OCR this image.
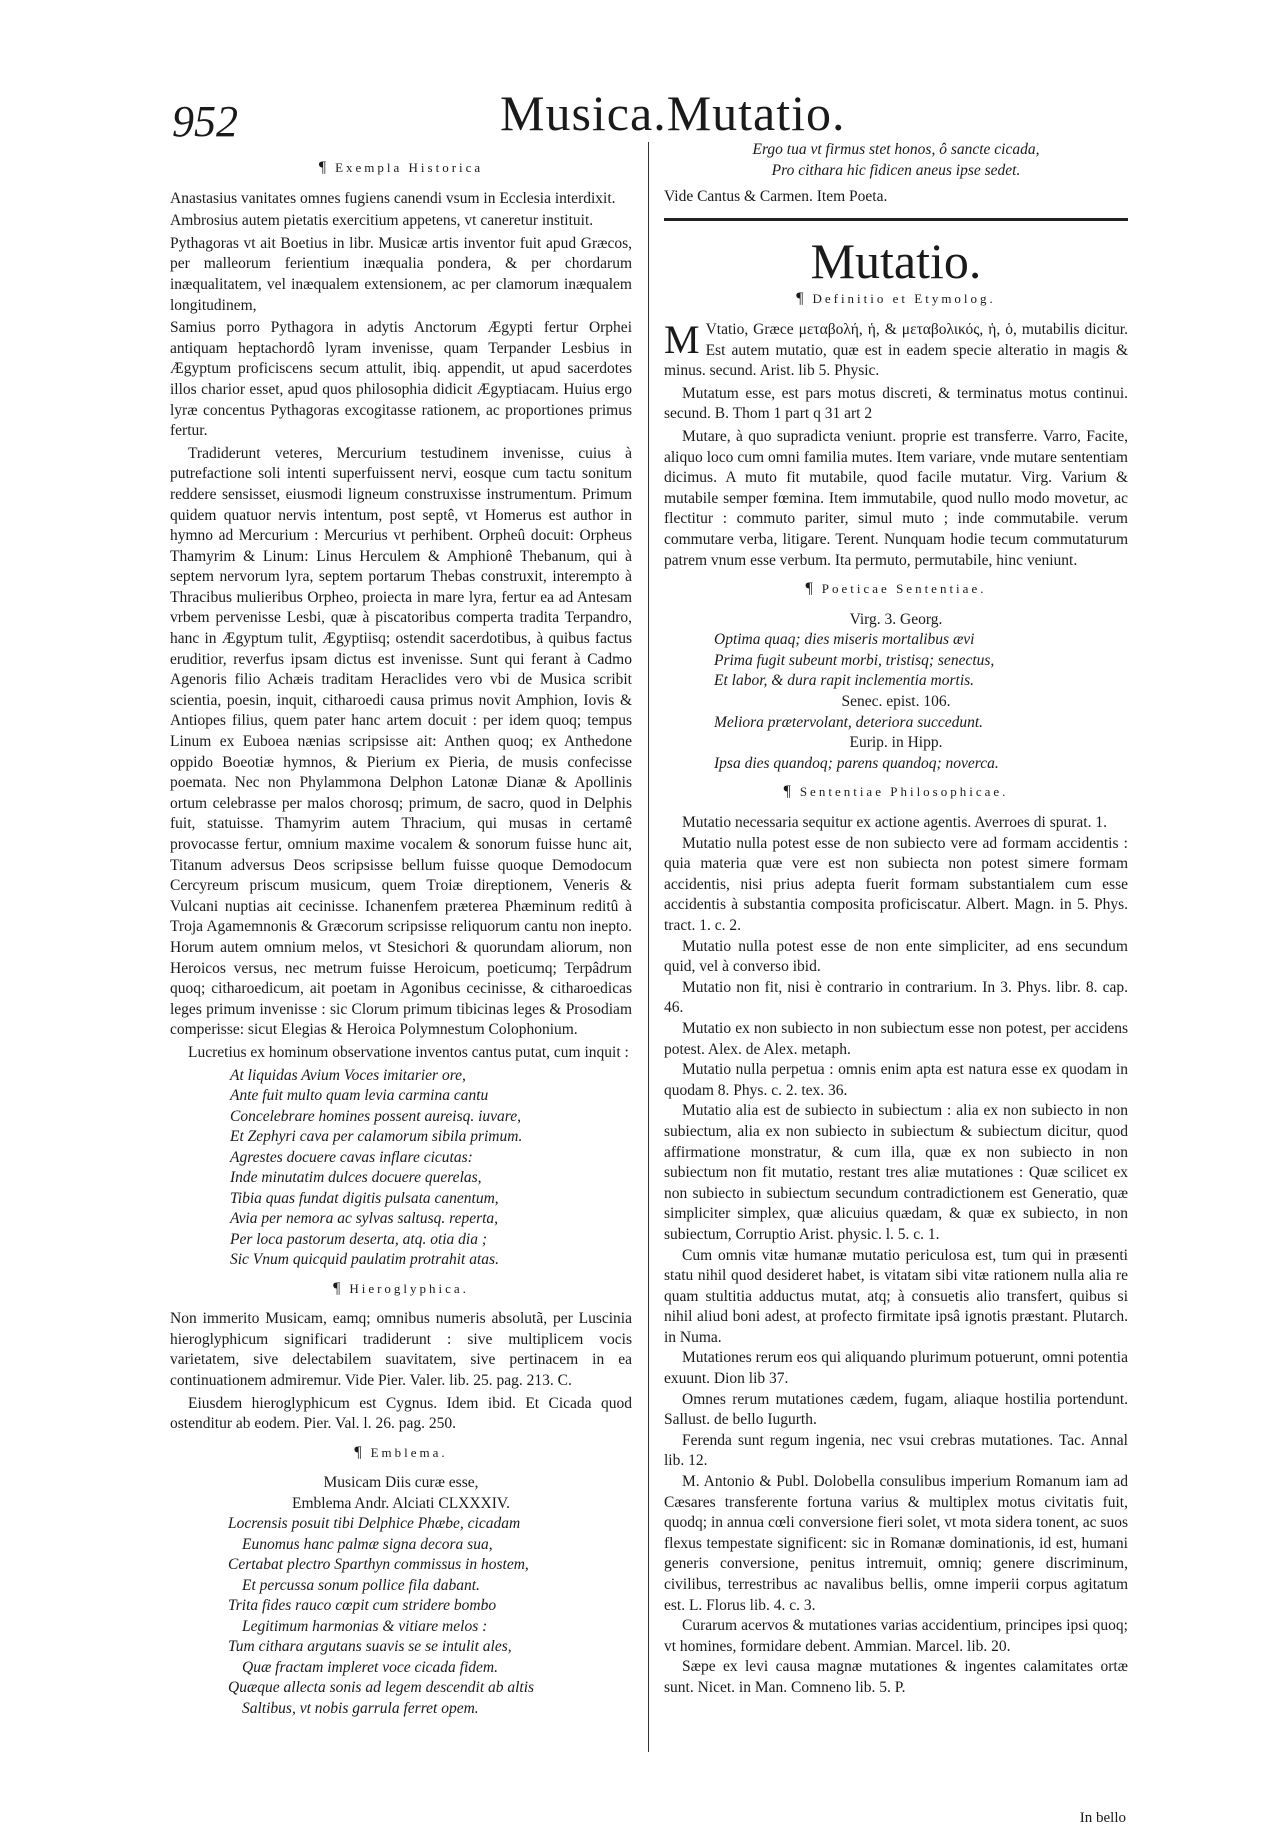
952	Musica.Mutatio.
¶ Exempla Historica

Anastasius vanitates omnes fugiens canendi vsum in Ecclesia interdixit.

Ambrosius autem pietatis exercitium appetens, vt caneretur instituit.

Pythagoras vt ait Boetius in libr. Musicæ artis inventor fuit apud Græcos, per malleorum ferientium inæqualia pondera, & per chordarum inæqualitatem, vel inæqualem extensionem, ac per clamorum inæqualem longitudinem,

Samius porro Pythagora in adytis Anctorum Ægypti fertur Orphei antiquam heptachordô lyram invenisse, quam Terpander Lesbius in Ægyptum proficiscens secum attulit, ibiq. appendit, ut apud sacerdotes illos charior esset, apud quos philosophia didicit Ægyptiacam. Huius ergo lyræ concentus Pythagoras excogitasse rationem, ac proportiones primus fertur.

Tradiderunt veteres, Mercurium testudinem invenisse, cuius à putrefactione soli intenti superfuissent nervi, eosque cum tactu sonitum reddere sensisset, eiusmodi ligneum construxisse instrumentum. Primum quidem quatuor nervis intentum, post septê, vt Homerus est author in hymno ad Mercurium : Mercurius vt perhibent. Orpheû docuit: Orpheus Thamyrim & Linum: Linus Herculem & Amphionê Thebanum, qui à septem nervorum lyra, septem portarum Thebas construxit, interempto à Thracibus mulieribus Orpheo, proiecta in mare lyra, fertur ea ad Antesam vrbem pervenisse Lesbi, quæ à piscatoribus comperta tradita Terpandro, hanc in Ægyptum tulit, Ægyptiisq; ostendit sacerdotibus, à quibus factus eruditior, reverfus ipsam dictus est invenisse. Sunt qui ferant à Cadmo Agenoris filio Achæis traditam Heraclides vero vbi de Musica scribit scientia, poesin, inquit, citharoedi causa primus novit Amphion, Iovis & Antiopes filius, quem pater hanc artem docuit : per idem quoq; tempus Linum ex Euboea nænias scripsisse ait: Anthen quoq; ex Anthedone oppido Boeotiæ hymnos, & Pierium ex Pieria, de musis confecisse poemata. Nec non Phylammona Delphon Latonæ Dianæ & Apollinis ortum celebrasse per malos chorosq; primum, de sacro, quod in Delphis fuit, statuisse. Thamyrim autem Thracium, qui musas in certamê provocasse fertur, omnium maxime vocalem & sonorum fuisse hunc ait, Titanum adversus Deos scripsisse bellum fuisse quoque Demodocum Cercyreum priscum musicum, quem Troiæ direptionem, Veneris & Vulcani nuptias ait cecinisse. Ichanenfem præterea Phæminum reditû à Troja Agamemnonis & Græcorum scripsisse reliquorum cantu non inepto. Horum autem omnium melos, vt Stesichori & quorundam aliorum, non Heroicos versus, nec metrum fuisse Heroicum, poeticumq; Terpâdrum quoq; citharoedicum, ait poetam in Agonibus cecinisse, & citharoedicas leges primum invenisse : sic Clorum primum tibicinas leges & Prosodiam comperisse: sicut Elegias & Heroica Polymnestum Colophonium.

Lucretius ex hominum observatione inventos cantus putat, cum inquit :

At liquidas Avium Voces imitarier ore,
Ante fuit multo quam levia carmina cantu
Concelebrare homines possent aureisq. iuvare,
Et Zephyri cava per calamorum sibila primum.
Agrestes docuere cavas inflare cicutas:
Inde minutatim dulces docuere querelas,
Tibia quas fundat digitis pulsata canentum,
Avia per nemora ac sylvas saltusq. reperta,
Per loca pastorum deserta, atq. otia dia ;
Sic Vnum quicquid paulatim protrahit atas.
¶ Hieroglyphica.

Non immerito Musicam, eamq; omnibus numeris absolutã, per Luscinia hieroglyphicum significari tradiderunt : sive multiplicem vocis varietatem, sive delectabilem suavitatem, sive pertinacem in ea continuationem admiremur. Vide Pier. Valer. lib. 25. pag. 213. C.

Eiusdem hieroglyphicum est Cygnus. Idem ibid. Et Cicada quod ostenditur ab eodem. Pier. Val. l. 26. pag. 250.

¶ Emblema.
Musicam Diis curæ esse,
Emblema Andr. Alciati CLXXXIV.
Locrensis posuit tibi Delphice Phæbe, cicadam
Eunomus hanc palmæ signa decora sua,
Certabat plectro Sparthyn commissus in hostem,
Et percussa sonum pollice fila dabant.
Trita fides rauco cœpit cum stridere bombo
Legitimum harmonias & vitiare melos :
Tum cithara argutans suavis se se intulit ales,
Quæ fractam impleret voce cicada fidem.
Quæque allecta sonis ad legem descendit ab altis
Saltibus, vt nobis garrula ferret opem.
Ergo tua vt firmus stet honos, ô sancte cicada,
Pro cithara hic fidicen aneus ipse sedet.

Vide Cantus & Carmen. Item Poeta.

Mutatio.
¶ Definitio et Etymolog.

M Vtatio, Græce μεταβολή, ἡ, & μεταβολικός, ἡ, ὁ, mutabilis dicitur. Est autem mutatio, quæ est in eadem specie alteratio in magis & minus. secund. Arist. lib 5. Physic.

Mutatum esse, est pars motus discreti, & terminatus motus continui. secund. B. Thom 1 part q 31 art 2

Mutare, à quo supradicta veniunt. proprie est transferre. Varro, Facite, aliquo loco cum omni familia mutes. Item variare, vnde mutare sententiam dicimus. A muto fit mutabile, quod facile mutatur. Virg. Varium & mutabile semper fœmina. Item immutabile, quod nullo modo movetur, ac flectitur : commuto pariter, simul muto ; inde commutabile. verum commutare verba, litigare. Terent. Nunquam hodie tecum commutaturum patrem vnum esse verbum. Ita permuto, permutabile, hinc veniunt.

¶ Poeticae Sententiae.
Virg. 3. Georg.
Optima quaq; dies miseris mortalibus ævi
Prima fugit subeunt morbi, tristisq; senectus,
Et labor, & dura rapit inclementia mortis.
Senec. epist. 106.
Meliora prætervolant, deteriora succedunt.
Eurip. in Hipp.
Ipsa dies quandoq; parens quandoq; noverca.
¶ Sententiae Philosophicae.

Mutatio necessaria sequitur ex actione agentis. Averroes di spurat. 1.

Mutatio nulla potest esse de non subiecto vere ad formam accidentis : quia materia quæ vere est non subiecta non potest simere formam accidentis, nisi prius adepta fuerit formam substantialem cum esse accidentis à substantia composita proficiscatur. Albert. Magn. in 5. Phys. tract. 1. c. 2.

Mutatio nulla potest esse de non ente simpliciter, ad ens secundum quid, vel à converso ibid.

Mutatio non fit, nisi è contrario in contrarium. In 3. Phys. libr. 8. cap. 46.

Mutatio ex non subiecto in non subiectum esse non potest, per accidens potest. Alex. de Alex. metaph.

Mutatio nulla perpetua : omnis enim apta est natura esse ex quodam in quodam 8. Phys. c. 2. tex. 36.

Mutatio alia est de subiecto in subiectum : alia ex non subiecto in non subiectum, alia ex non subiecto in subiectum & subiectum dicitur, quod affirmatione monstratur, & cum illa, quæ ex non subiecto in non subiectum non fit mutatio, restant tres aliæ mutationes : Quæ scilicet ex non subiecto in subiectum secundum contradictionem est Generatio, quæ simpliciter simplex, quæ alicuius quædam, & quæ ex subiecto, in non subiectum, Corruptio Arist. physic. l. 5. c. 1.

Cum omnis vitæ humanæ mutatio periculosa est, tum qui in præsenti statu nihil quod desideret habet, is vitatam sibi vitæ rationem nulla alia re quam stultitia adductus mutat, atq; à consuetis alio transfert, quibus si nihil aliud boni adest, at profecto firmitate ipsâ ignotis præstant. Plutarch. in Numa.

Mutationes rerum eos qui aliquando plurimum potuerunt, omni potentia exuunt. Dion lib 37.

Omnes rerum mutationes cædem, fugam, aliaque hostilia portendunt. Sallust. de bello Iugurth.

Ferenda sunt regum ingenia, nec vsui crebras mutationes. Tac. Annal lib. 12.

M. Antonio & Publ. Dolobella consulibus imperium Romanum iam ad Cæsares transferente fortuna varius & multiplex motus civitatis fuit, quodq; in annua cœli conversione fieri solet, vt mota sidera tonent, ac suos flexus tempestate significent: sic in Romanæ dominationis, id est, humani generis conversione, penitus intremuit, omniq; genere discriminum, civilibus, terrestribus ac navalibus bellis, omne imperii corpus agitatum est. L. Florus lib. 4. c. 3.

Curarum acervos & mutationes varias accidentium, principes ipsi quoq; vt homines, formidare debent. Ammian. Marcel. lib. 20.

Sæpe ex levi causa magnæ mutationes & ingentes calamitates ortæ sunt. Nicet. in Man. Comneno lib. 5. P.

In bello
